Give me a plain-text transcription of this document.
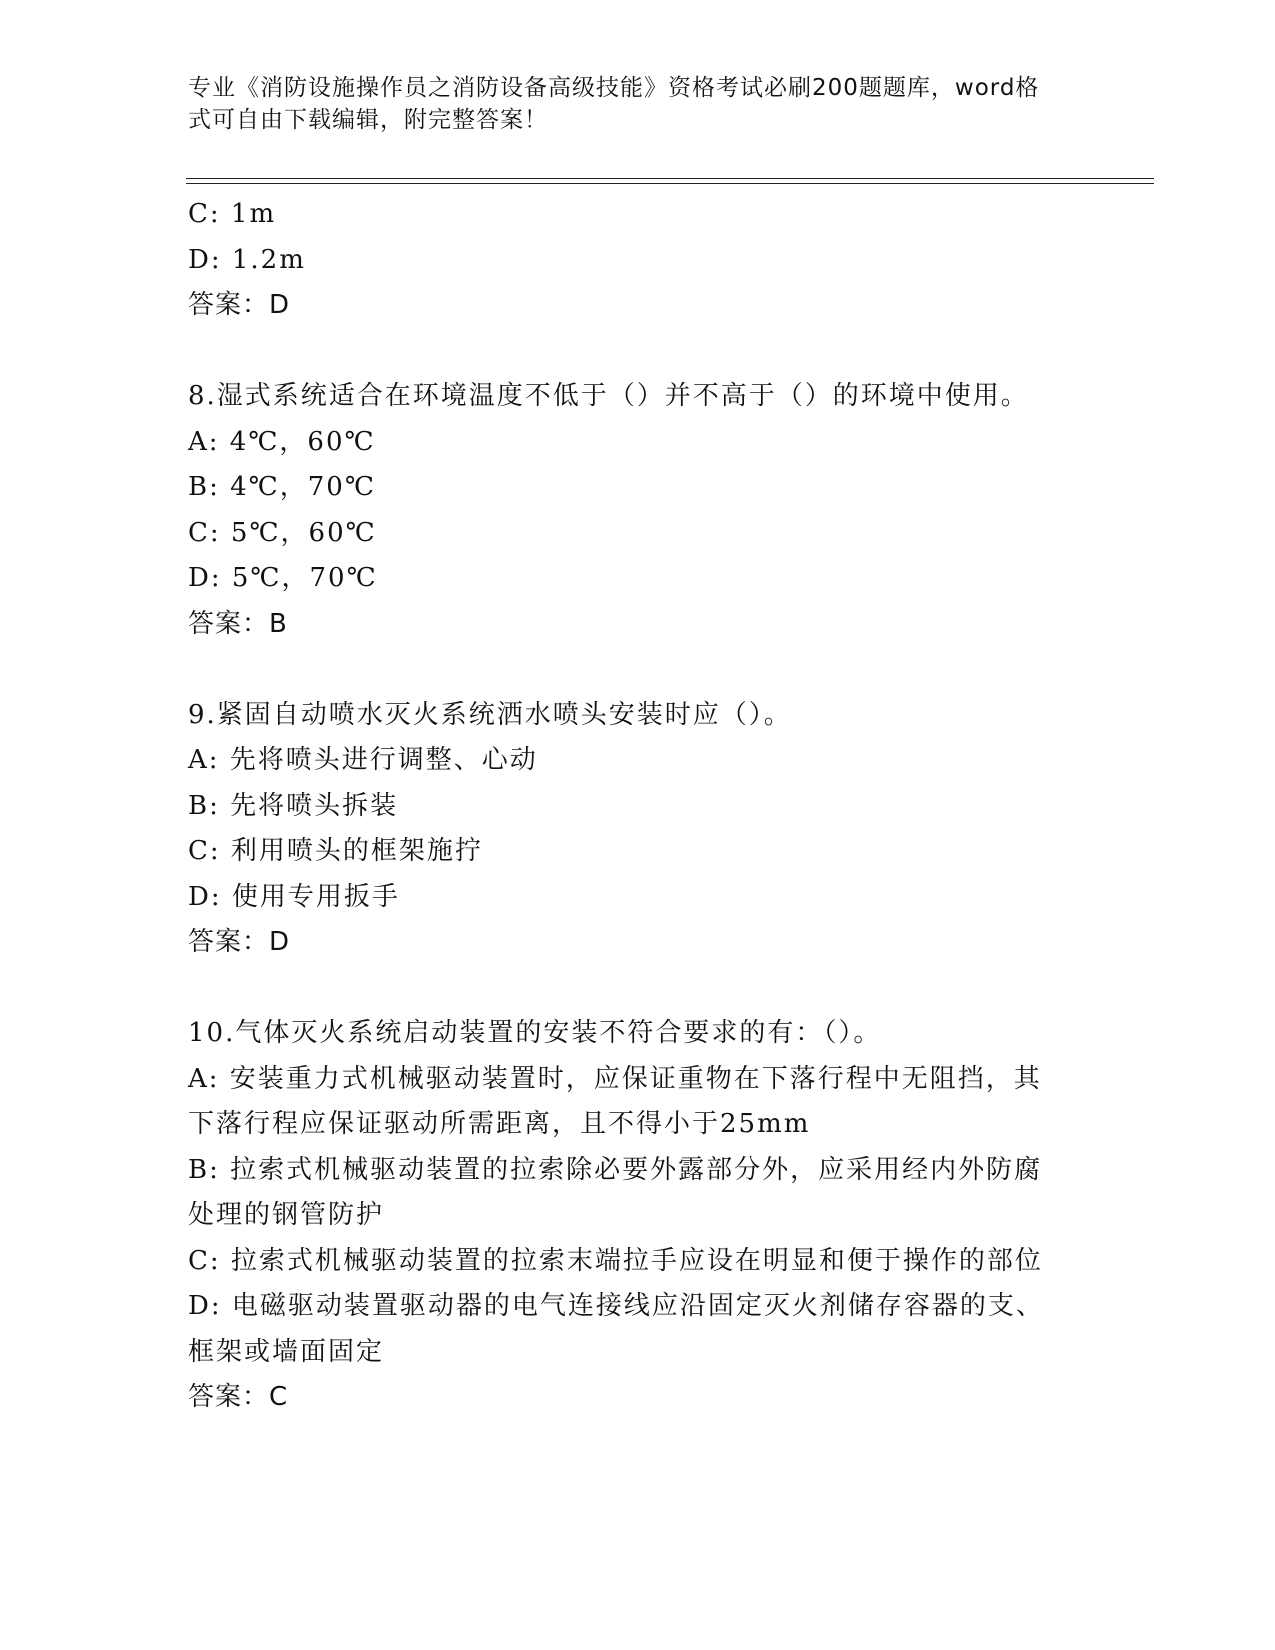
专业《消防设施操作员之消防设备高级技能》资格考试必刷200题题库，word格
式可自由下载编辑，附完整答案！
C: 1m
D: 1.2m
答案：D
8.湿式系统适合在环境温度不低于（）并不高于（）的环境中使用。
A: 4℃，60℃
B: 4℃，70℃
C: 5℃，60℃
D: 5℃，70℃
答案：B
9.紧固自动喷水灭火系统洒水喷头安装时应（）。
A: 先将喷头进行调整、心动
B: 先将喷头拆装
C: 利用喷头的框架施拧
D: 使用专用扳手
答案：D
10.气体灭火系统启动装置的安装不符合要求的有：（）。
A: 安装重力式机械驱动装置时，应保证重物在下落行程中无阻挡，其
下落行程应保证驱动所需距离，且不得小于25mm
B: 拉索式机械驱动装置的拉索除必要外露部分外，应采用经内外防腐
处理的钢管防护
C: 拉索式机械驱动装置的拉索末端拉手应设在明显和便于操作的部位
D: 电磁驱动装置驱动器的电气连接线应沿固定灭火剂储存容器的支、
框架或墙面固定
答案：C
